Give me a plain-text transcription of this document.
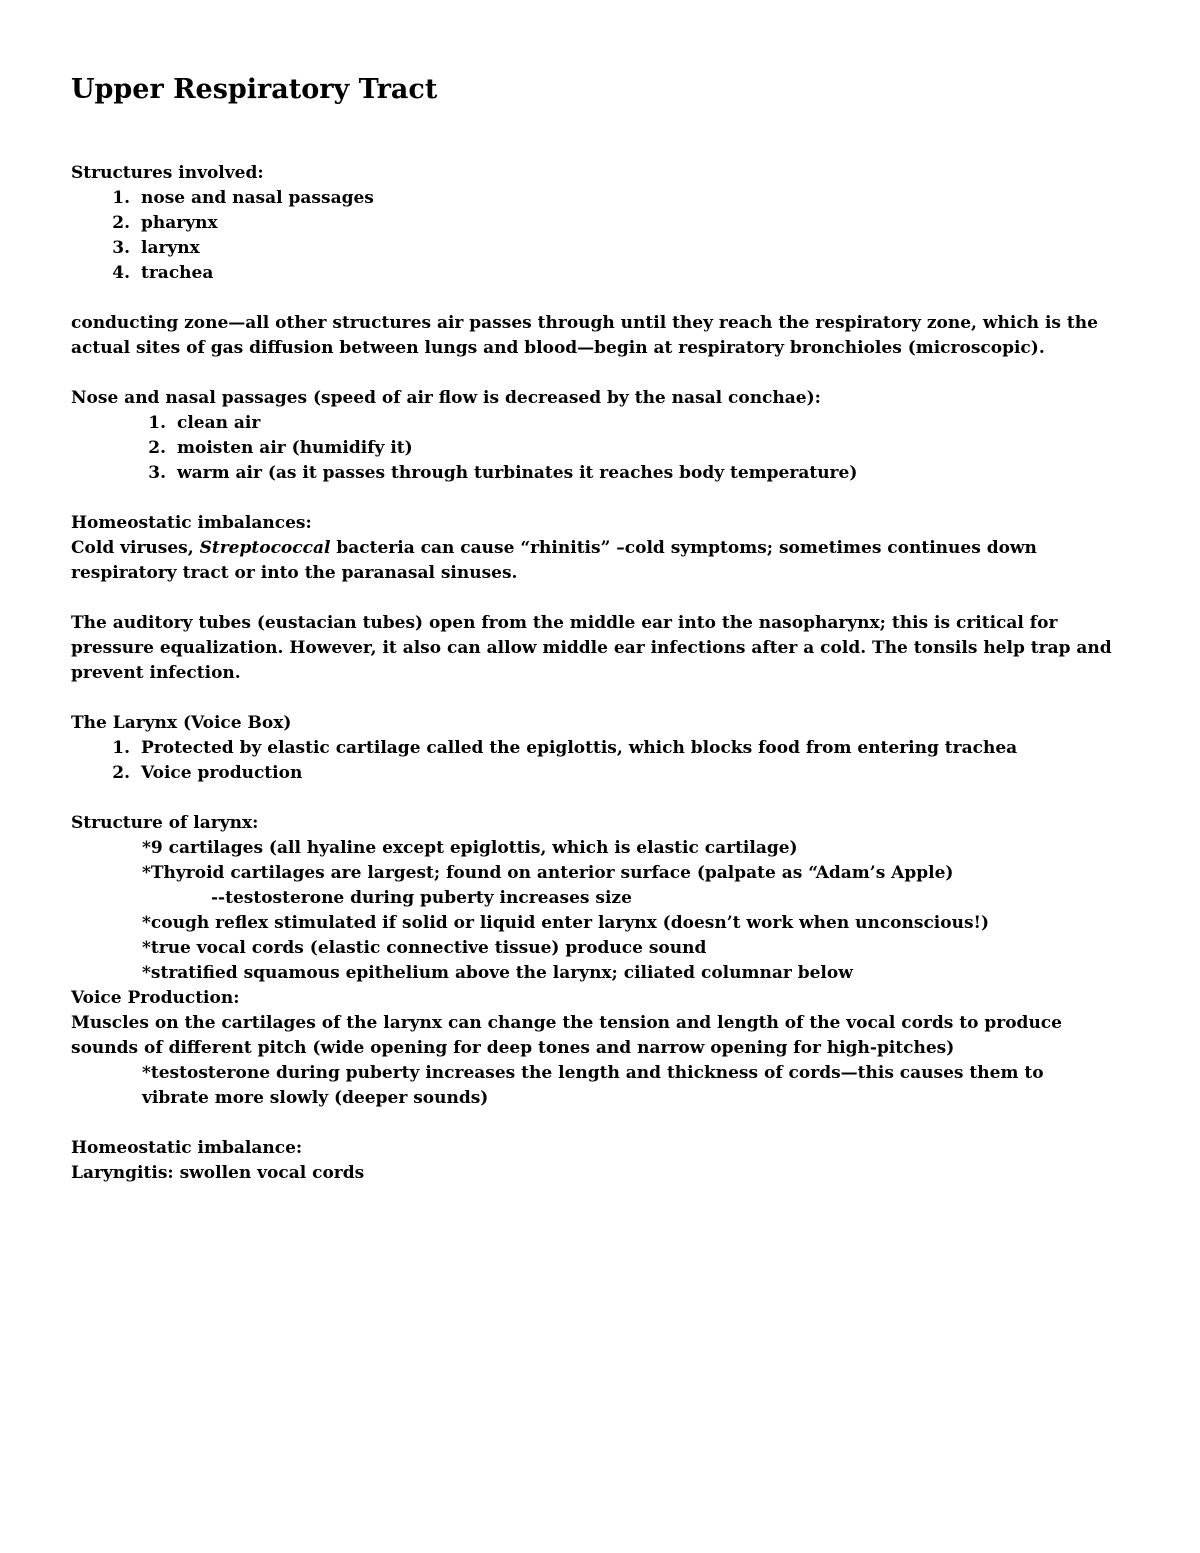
Upper Respiratory Tract

Structures involved:

1. nose and nasal passages
2. pharynx
3. larynx
4. trachea

conducting zone—all other structures air passes through until they reach the respiratory zone, which is the actual sites of gas diffusion between lungs and blood—begin at respiratory bronchioles (microscopic).

Nose and nasal passages (speed of air flow is decreased by the nasal conchae):

1. clean air
2. moisten air (humidify it)
3. warm air (as it passes through turbinates it reaches body temperature)

Homeostatic imbalances:

Cold viruses, Streptococcal bacteria can cause “rhinitis” –cold symptoms; sometimes continues down respiratory tract or into the paranasal sinuses.

The auditory tubes (eustacian tubes) open from the middle ear into the nasopharynx; this is critical for pressure equalization. However, it also can allow middle ear infections after a cold. The tonsils help trap and prevent infection.

The Larynx (Voice Box)

1. Protected by elastic cartilage called the epiglottis, which blocks food from entering trachea
2. Voice production

Structure of larynx:

*9 cartilages (all hyaline except epiglottis, which is elastic cartilage)

*Thyroid cartilages are largest; found on anterior surface (palpate as “Adam’s Apple)

--testosterone during puberty increases size

*cough reflex stimulated if solid or liquid enter larynx (doesn’t work when unconscious!)

*true vocal cords (elastic connective tissue) produce sound

*stratified squamous epithelium above the larynx; ciliated columnar below

Voice Production:

Muscles on the cartilages of the larynx can change the tension and length of the vocal cords to produce sounds of different pitch (wide opening for deep tones and narrow opening for high-pitches)

*testosterone during puberty increases the length and thickness of cords—this causes them to vibrate more slowly (deeper sounds)

Homeostatic imbalance:

Laryngitis: swollen vocal cords
